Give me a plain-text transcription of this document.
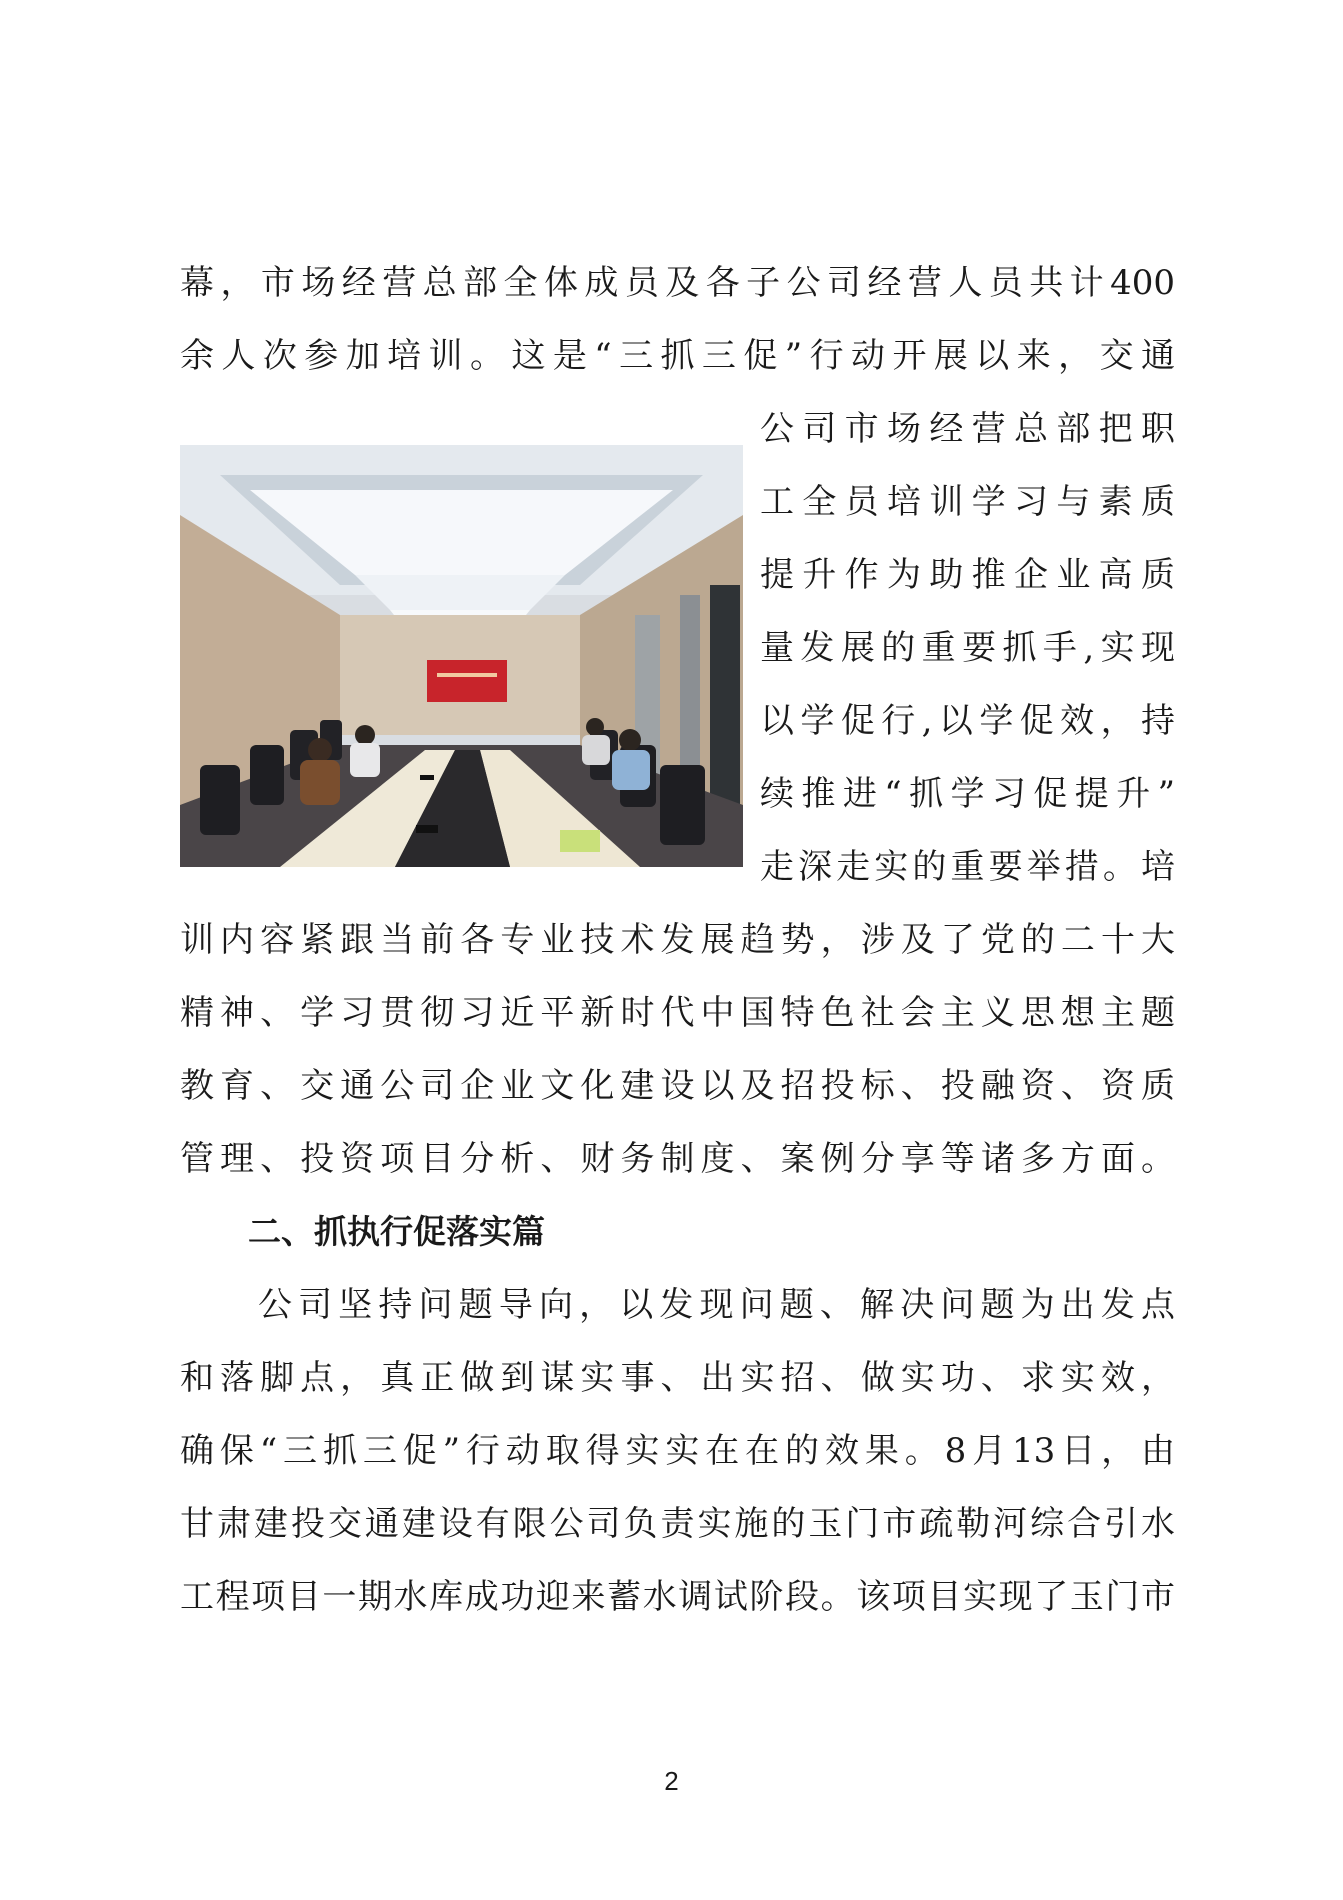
幕，市场经营总部全体成员及各子公司经营人员共计400
余人次参加培训。这是“三抓三促”行动开展以来，交通
公司市场经营总部把职
工全员培训学习与素质
提升作为助推企业高质
量发展的重要抓手,实现
以学促行,以学促效，持
续推进“抓学习促提升”
走深走实的重要举措。培
训内容紧跟当前各专业技术发展趋势，涉及了党的二十大
精神、学习贯彻习近平新时代中国特色社会主义思想主题
教育、交通公司企业文化建设以及招投标、投融资、资质
管理、投资项目分析、财务制度、案例分享等诸多方面。
二、抓执行促落实篇
公司坚持问题导向，以发现问题、解决问题为出发点
和落脚点，真正做到谋实事、出实招、做实功、求实效，
确保“三抓三促”行动取得实实在在的效果。8月13日，由
甘肃建投交通建设有限公司负责实施的玉门市疏勒河综合引水
工程项目一期水库成功迎来蓄水调试阶段。该项目实现了玉门市
2
